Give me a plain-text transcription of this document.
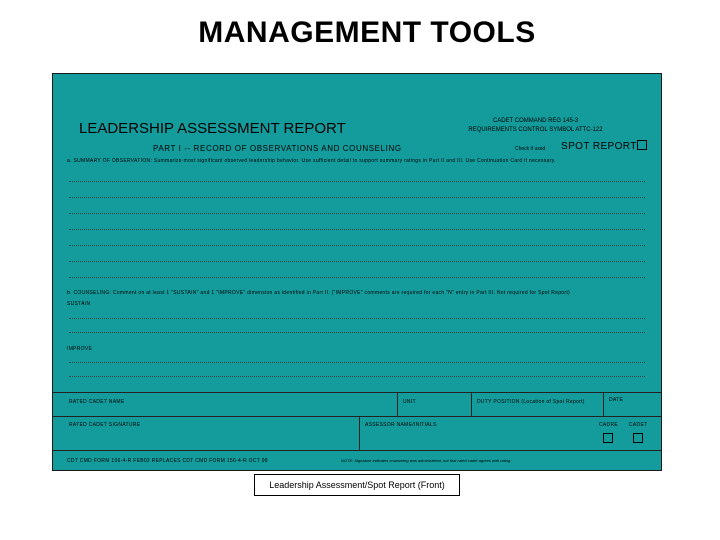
MANAGEMENT TOOLS
LEADERSHIP ASSESSMENT REPORT	CADET COMMAND REG 145-3
REQUIREMENTS CONTROL SYMBOL ATTC-122
PART I -- RECORD OF OBSERVATIONS AND COUNSELING	Check if used SPOT REPORT
a. SUMMARY OF OBSERVATION: Summarize most significant observed leadership behavior. Use sufficient detail to support summary ratings in Part II and III. Use Continuation Card if necessary.
b. COUNSELING: Comment on at least 1 "SUSTAIN" and 1 "IMPROVE" dimension as identified in Part II. ("IMPROVE" comments are required for each "N" entry in Part III. Not required for Spot Report)
SUSTAIN
IMPROVE
RATED CADET NAME	UNIT	DUTY POSITION (Location of Spot Report)	DATE
RATED CADET SIGNATURE	ASSESSOR NAME/INITIALS	CADRE CADET
CDT CMD FORM 156-4-R FEB02 REPLACES CDT CMD FORM 156-4-R OCT 98	NOTE: Signature indicates counseling was administered, not that rated cadet agrees with rating.
Leadership Assessment/Spot Report (Front)
